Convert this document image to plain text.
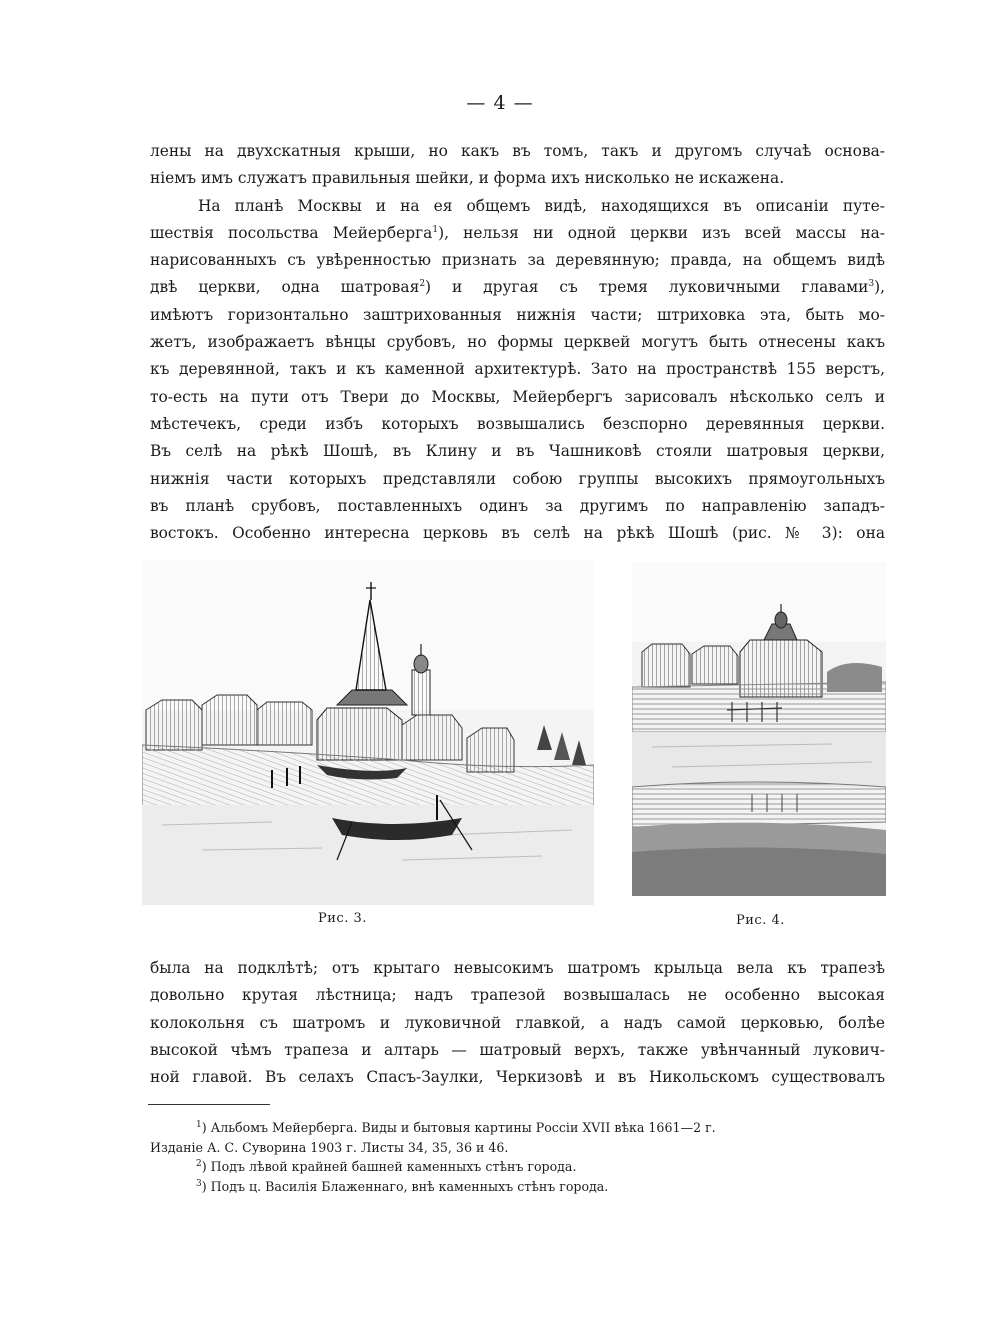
— 4 —
лены на двухскатныя крыши, но какъ въ томъ, такъ и другомъ случаѣ основа-
ніемъ имъ служатъ правильныя шейки, и форма ихъ нисколько не искажена.
На планѣ Москвы и на ея общемъ видѣ, находящихся въ описаніи путе-
шествія посольства Мейерберга$^1$), нельзя ни одной церкви изъ всей массы на-
нарисованныхъ съ увѣренностью признать за деревянную; правда, на общемъ видѣ
двѣ церкви, одна шатровая$^2$) и другая съ тремя луковичными главами$^3$),
имѣютъ горизонтально заштрихованныя нижнія части; штриховка эта, быть мо-
жетъ, изображаетъ вѣнцы срубовъ, но формы церквей могутъ быть отнесены какъ
къ деревянной, такъ и къ каменной архитектурѣ. Зато на пространствѣ 155 верстъ,
то-есть на пути отъ Твери до Москвы, Мейербергъ зарисовалъ нѣсколько селъ и
мѣстечекъ, среди избъ которыхъ возвышались безспорно деревянныя церкви.
Въ селѣ на рѣкѣ Шошѣ, въ Клину и въ Чашниковѣ стояли шатровыя церкви,
нижнія части которыхъ представляли собою группы высокихъ прямоугольныхъ
въ планѣ срубовъ, поставленныхъ одинъ за другимъ по направленію западъ-
востокъ. Особенно интересна церковь въ селѣ на рѣкѣ Шошѣ (рис. № 3): она
Рис. 3.	Рис. 4.
была на подклѣтѣ; отъ крытаго невысокимъ шатромъ крыльца вела къ трапезѣ
довольно крутая лѣстница; надъ трапезой возвышалась не особенно высокая
колокольня съ шатромъ и луковичной главкой, а надъ самой церковью, болѣе
высокой чѣмъ трапеза и алтарь — шатровый верхъ, также увѣнчанный лукович-
ной главой. Въ селахъ Спасъ-Заулки, Черкизовѣ и въ Никольскомъ существовалъ
$^1$) Альбомъ Мейерберга. Виды и бытовыя картины Россіи XVII вѣка 1661—2 г.
Изданіе А. С. Суворина 1903 г. Листы 34, 35, 36 и 46.
$^2$) Подъ лѣвой крайней башней каменныхъ стѣнъ города.
$^3$) Подъ ц. Василія Блаженнаго, внѣ каменныхъ стѣнъ города.
